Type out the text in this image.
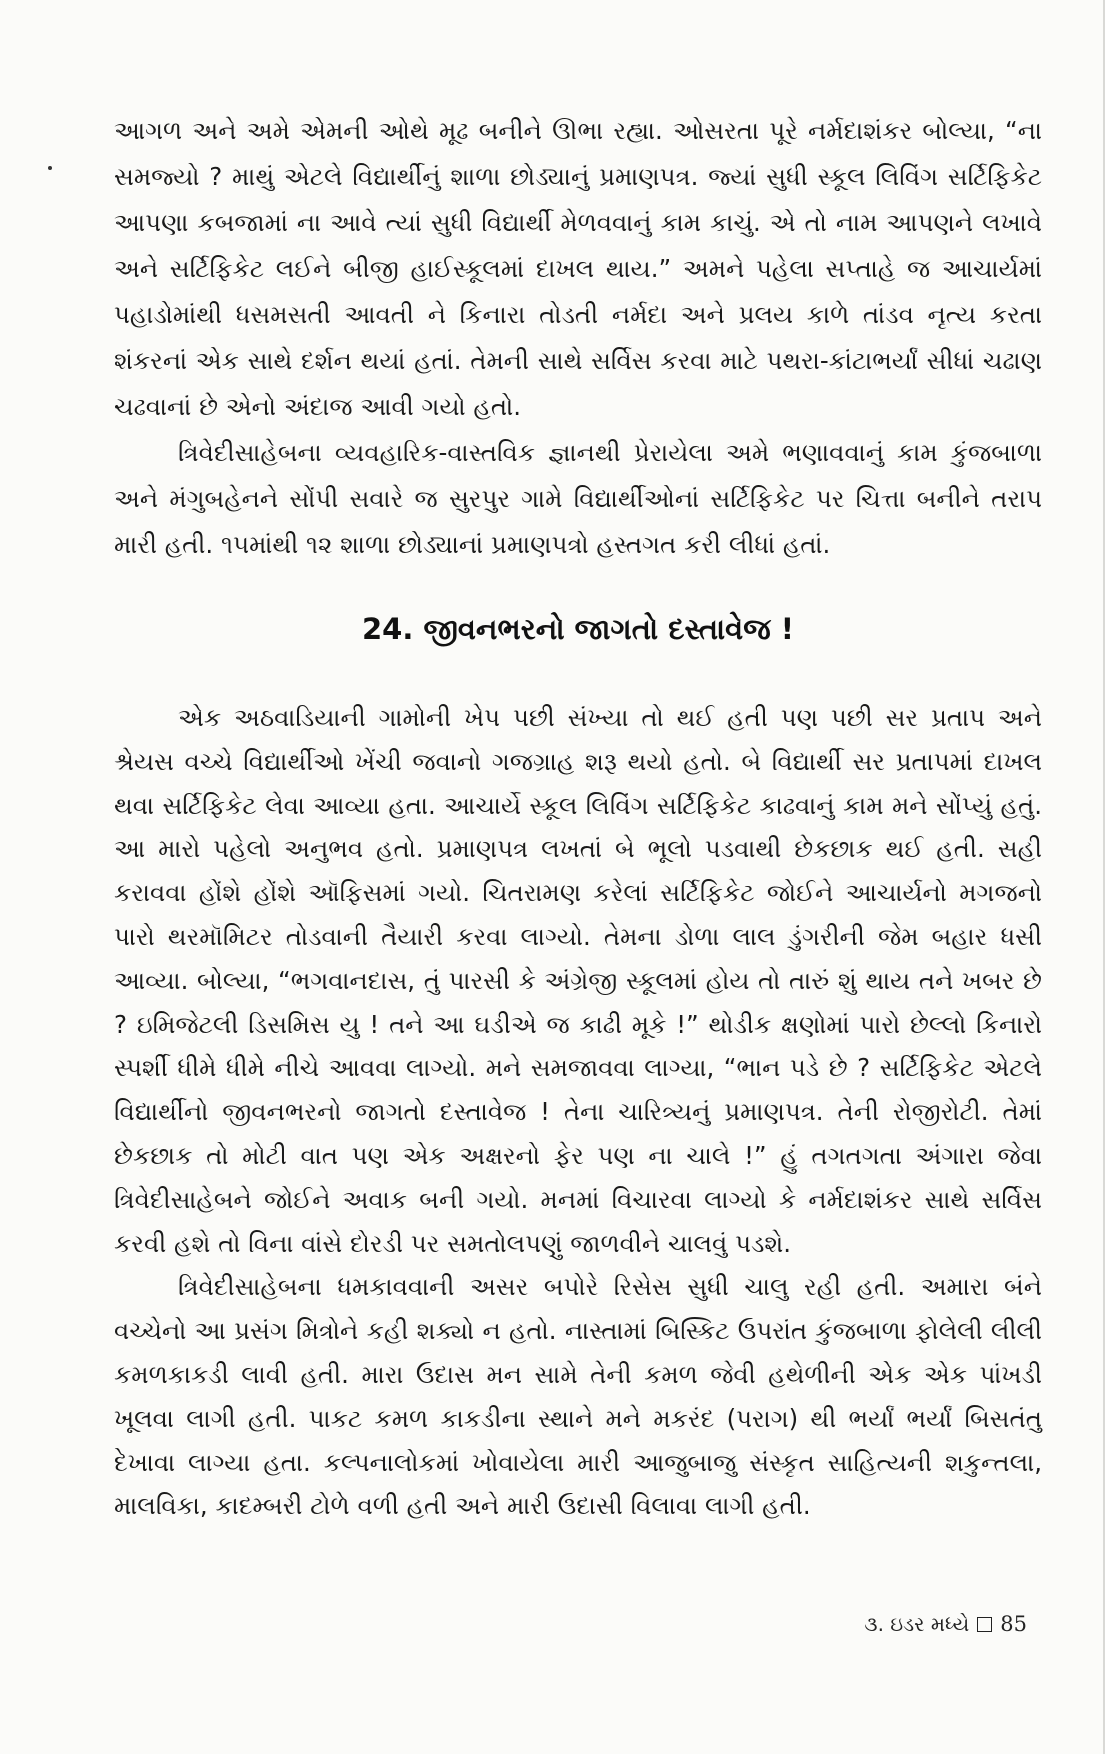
આગળ અને અમે એમની ઓથે મૂઢ બનીને ઊભા રહ્યા. ઓસરતા પૂરે નર્મદાશંકર બોલ્યા, “ના સમજ્યો ? માથું એટલે વિદ્યાર્થીનું શાળા છોડ્યાનું પ્રમાણપત્ર. જ્યાં સુધી સ્કૂલ લિવિંગ સર્ટિફિકેટ આપણા કબજામાં ના આવે ત્યાં સુધી વિદ્યાર્થી મેળવવાનું કામ કાચું. એ તો નામ આપણને લખાવે અને સર્ટિફિકેટ લઈને બીજી હાઈસ્કૂલમાં દાખલ થાય.” અમને પહેલા સપ્તાહે જ આચાર્યમાં પહાડોમાંથી ધસમસતી આવતી ને કિનારા તોડતી નર્મદા અને પ્રલય કાળે તાંડવ નૃત્ય કરતા શંકરનાં એક સાથે દર્શન થયાં હતાં. તેમની સાથે સર્વિસ કરવા માટે પથરા-કાંટાભર્યાં સીધાં ચઢાણ ચઢવાનાં છે એનો અંદાજ આવી ગયો હતો.

ત્રિવેદીસાહેબના વ્યવહારિક-વાસ્તવિક જ્ઞાનથી પ્રેરાયેલા અમે ભણાવવાનું કામ કુંજબાળા અને મંગુબહેનને સોંપી સવારે જ સુરપુર ગામે વિદ્યાર્થીઓનાં સર્ટિફિકેટ પર ચિત્તા બનીને તરાપ મારી હતી. ૧૫માંથી ૧૨ શાળા છોડ્યાનાં પ્રમાણપત્રો હસ્તગત કરી લીધાં હતાં.

24. જીવનભરનો જાગતો દસ્તાવેજ !

એક અઠવાડિયાની ગામોની ખેપ પછી સંખ્યા તો થઈ હતી પણ પછી સર પ્રતાપ અને શ્રેયસ વચ્ચે વિદ્યાર્થીઓ ખેંચી જવાનો ગજગ્રાહ શરૂ થયો હતો. બે વિદ્યાર્થી સર પ્રતાપમાં દાખલ થવા સર્ટિફિકેટ લેવા આવ્યા હતા. આચાર્યે સ્કૂલ લિવિંગ સર્ટિફિકેટ કાઢવાનું કામ મને સોંપ્યું હતું. આ મારો પહેલો અનુભવ હતો. પ્રમાણપત્ર લખતાં બે ભૂલો પડવાથી છેકછાક થઈ હતી. સહી કરાવવા હોંશે હોંશે ઑફિસમાં ગયો. ચિતરામણ કરેલાં સર્ટિફિકેટ જોઈને આચાર્યનો મગજનો પારો થરમૉમિટર તોડવાની તૈયારી કરવા લાગ્યો. તેમના ડોળા લાલ ડુંગરીની જેમ બહાર ધસી આવ્યા. બોલ્યા, “ભગવાનદાસ, તું પારસી કે અંગ્રેજી સ્કૂલમાં હોય તો તારું શું થાય તને ખબર છે ? ઇમિજેટલી ડિસમિસ યુ ! તને આ ઘડીએ જ કાઢી મૂકે !” થોડીક ક્ષણોમાં પારો છેલ્લો કિનારો સ્પર્શી ધીમે ધીમે નીચે આવવા લાગ્યો. મને સમજાવવા લાગ્યા, “ભાન પડે છે ? સર્ટિફિકેટ એટલે વિદ્યાર્થીનો જીવનભરનો જાગતો દસ્તાવેજ ! તેના ચારિત્ર્યનું પ્રમાણપત્ર. તેની રોજીરોટી. તેમાં છેકછાક તો મોટી વાત પણ એક અક્ષરનો ફેર પણ ના ચાલે !” હું તગતગતા અંગારા જેવા ત્રિવેદીસાહેબને જોઈને અવાક બની ગયો. મનમાં વિચારવા લાગ્યો કે નર્મદાશંકર સાથે સર્વિસ કરવી હશે તો વિના વાંસે દોરડી પર સમતોલપણું જાળવીને ચાલવું પડશે.

ત્રિવેદીસાહેબના ધમકાવવાની અસર બપોરે રિસેસ સુધી ચાલુ રહી હતી. અમારા બંને વચ્ચેનો આ પ્રસંગ મિત્રોને કહી શક્યો ન હતો. નાસ્તામાં બિસ્કિટ ઉપરાંત કુંજબાળા ફોલેલી લીલી કમળકાકડી લાવી હતી. મારા ઉદાસ મન સામે તેની કમળ જેવી હથેળીની એક એક પાંખડી ખૂલવા લાગી હતી. પાકટ કમળ કાકડીના સ્થાને મને મકરંદ (પરાગ) થી ભર્યાં ભર્યાં બિસતંતુ દેખાવા લાગ્યા હતા. કલ્પનાલોકમાં ખોવાયેલા મારી આજુબાજુ સંસ્કૃત સાહિત્યની શકુન્તલા, માલવિકા, કાદમ્બરી ટોળે વળી હતી અને મારી ઉદાસી વિલાવા લાગી હતી.

૩. ઇડર મધ્યે 85
